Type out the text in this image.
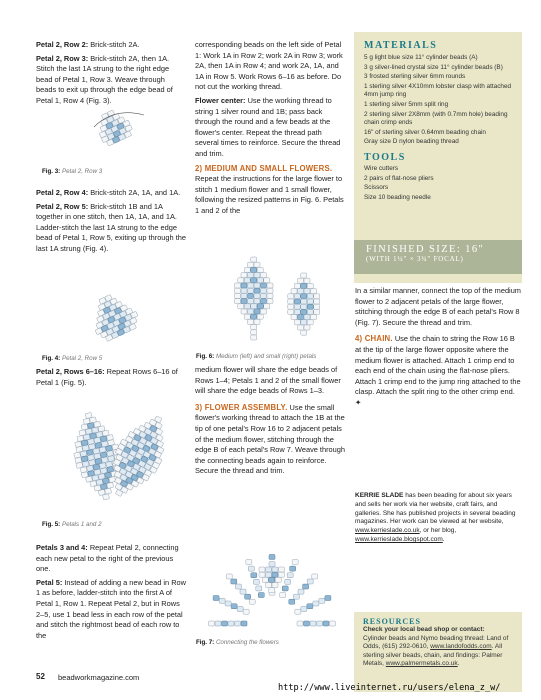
Petal 2, Row 2: Brick-stitch 2A.

Petal 2, Row 3: Brick-stitch 2A, then 1A. Stitch the last 1A strung to the right edge bead of Petal 1, Row 3. Weave through beads to exit up through the edge bead of Petal 1, Row 4 (Fig. 3).

Fig. 3: Petal 2, Row 3

Petal 2, Row 4: Brick-stitch 2A, 1A, and 1A.

Petal 2, Row 5: Brick-stitch 1B and 1A together in one stitch, then 1A, 1A, and 1A. Ladder-stitch the last 1A strung to the edge bead of Petal 1, Row 5, exiting up through the last 1A strung (Fig. 4).

Fig. 4: Petal 2, Row 5

Petal 2, Rows 6–16: Repeat Rows 6–16 of Petal 1 (Fig. 5).

Fig. 5: Petals 1 and 2

Petals 3 and 4: Repeat Petal 2, connecting each new petal to the right of the previous one.

Petal 5: Instead of adding a new bead in Row 1 as before, ladder-stitch into the first A of Petal 1, Row 1. Repeat Petal 2, but in Rows 2–5, use 1 bead less in each row of the petal and stitch the rightmost bead of each row to the

corresponding beads on the left side of Petal 1: Work 1A in Row 2; work 2A in Row 3; work 2A, then 1A in Row 4; and work 2A, 1A, and 1A in Row 5. Work Rows 6–16 as before. Do not cut the working thread.

Flower center: Use the working thread to string 1 silver round and 1B; pass back through the round and a few beads at the flower's center. Repeat the thread path several times to reinforce. Secure the thread and trim.

2) MEDIUM AND SMALL FLOWERS.

Repeat the instructions for the large flower to stitch 1 medium flower and 1 small flower, following the resized patterns in Fig. 6. Petals 1 and 2 of the

Fig. 6: Medium (left) and small (right) petals

medium flower will share the edge beads of Rows 1–4; Petals 1 and 2 of the small flower will share the edge beads of Rows 1–3.

3) FLOWER ASSEMBLY. Use the small flower's working thread to attach the 1B at the tip of one petal's Row 16 to 2 adjacent petals of the medium flower, stitching through the edge B of each petal's Row 7. Weave through the connecting beads again to reinforce. Secure the thread and trim.

Fig. 7: Connecting the flowers
MATERIALS
5 g light blue size 11° cylinder beads (A)
3 g silver-lined crystal size 11° cylinder beads (B)
3 frosted sterling silver 6mm rounds
1 sterling silver 4X10mm lobster clasp with attached 4mm jump ring
1 sterling silver 5mm split ring
2 sterling silver 2X8mm (with 0.7mm hole) beading chain crimp ends
16" of sterling silver 0.64mm beading chain
Gray size D nylon beading thread
TOOLS
Wire cutters
2 pairs of flat-nose pliers
Scissors
Size 10 beading needle
FINISHED SIZE: 16"
(WITH 1¼" × 3¾" FOCAL)

In a similar manner, connect the top of the medium flower to 2 adjacent petals of the large flower, stitching through the edge B of each petal's Row 8 (Fig. 7). Secure the thread and trim.

4) CHAIN. Use the chain to string the Row 16 B at the tip of the large flower opposite where the medium flower is attached. Attach 1 crimp end to each end of the chain using the flat-nose pliers. Attach 1 crimp end to the jump ring attached to the clasp. Attach the split ring to the other crimp end. ✦

KERRIE SLADE has been beading for about six years and sells her work via her website, craft fairs, and galleries. She has published projects in several beading magazines. Her work can be viewed at her website, www.kerrieslade.co.uk, or her blog, www.kerrieslade.blogspot.com.
RESOURCES
Check your local bead shop or contact:
Cylinder beads and Nymo beading thread: Land of Odds, (615) 292-0610, www.landofodds.com. All sterling silver beads, chain, and findings: Palmer Metals, www.palmermetals.co.uk.
52 beadworkmagazine.com
http://www.liveinternet.ru/users/elena_z_w/
